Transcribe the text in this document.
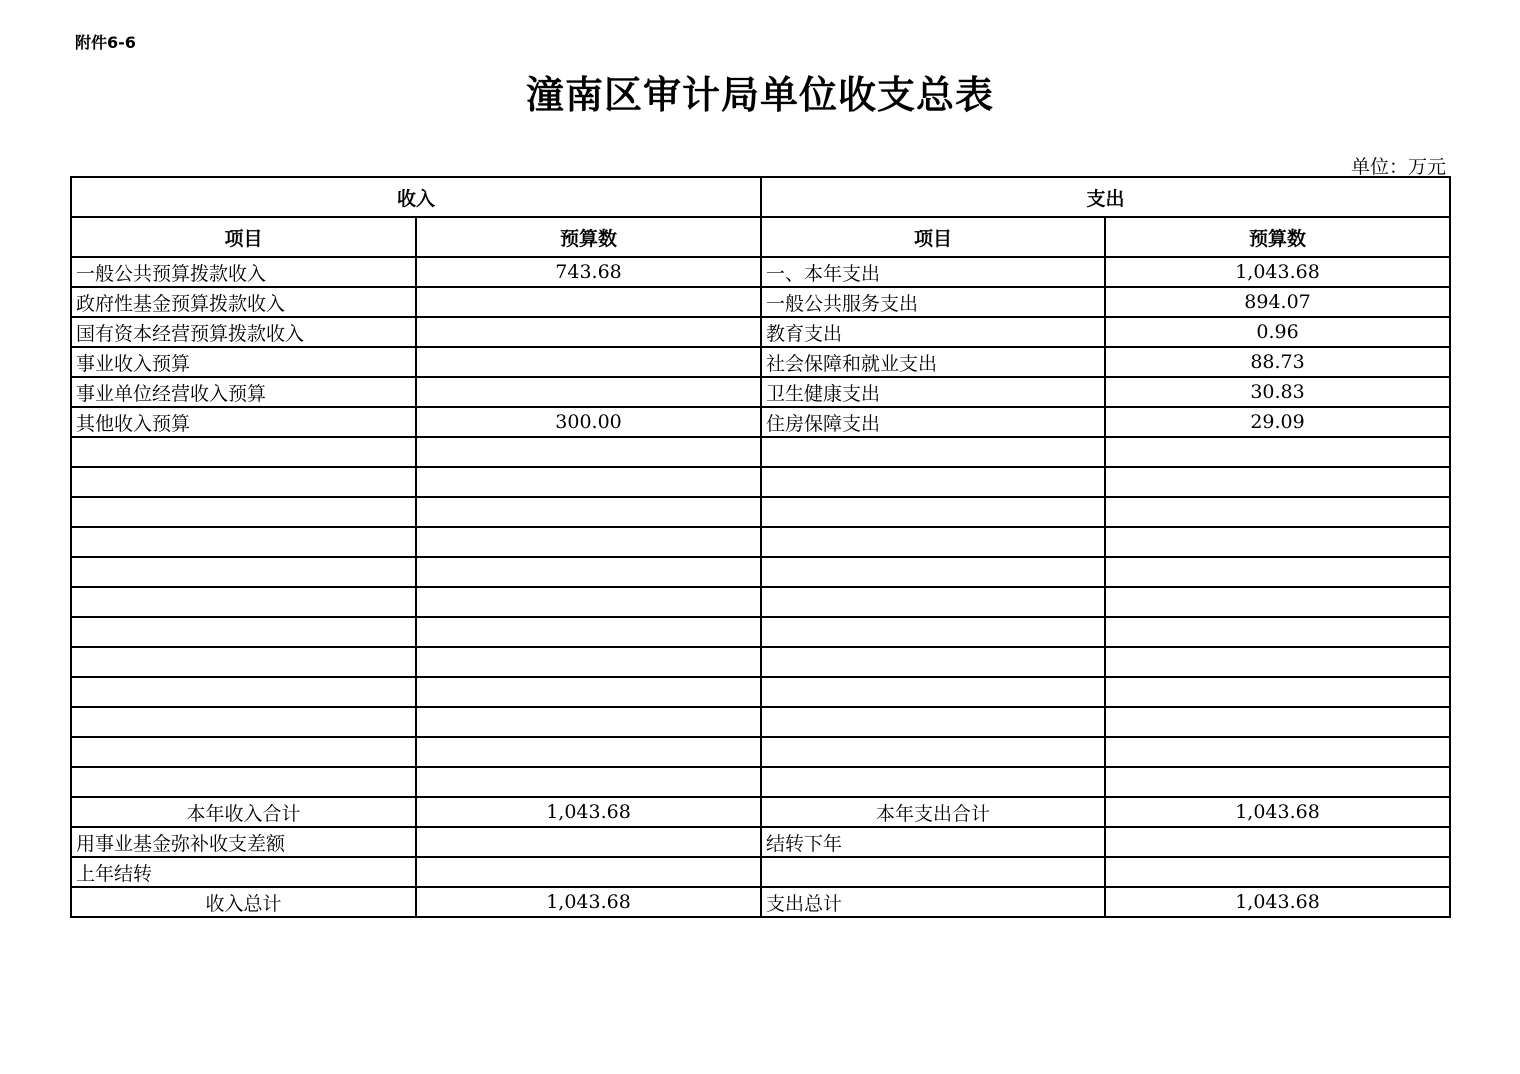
附件6-6
潼南区审计局单位收支总表
单位：万元
收入		支出	
项目	预算数	项目	预算数
一般公共预算拨款收入	743.68	一、本年支出	1,043.68
政府性基金预算拨款收入		一般公共服务支出	894.07
国有资本经营预算拨款收入		教育支出	0.96
事业收入预算		社会保障和就业支出	88.73
事业单位经营收入预算		卫生健康支出	30.83
其他收入预算	300.00	住房保障支出	29.09

本年收入合计	1,043.68	本年支出合计	1,043.68
用事业基金弥补收支差额		结转下年	
上年结转			
收入总计	1,043.68	支出总计	1,043.68
